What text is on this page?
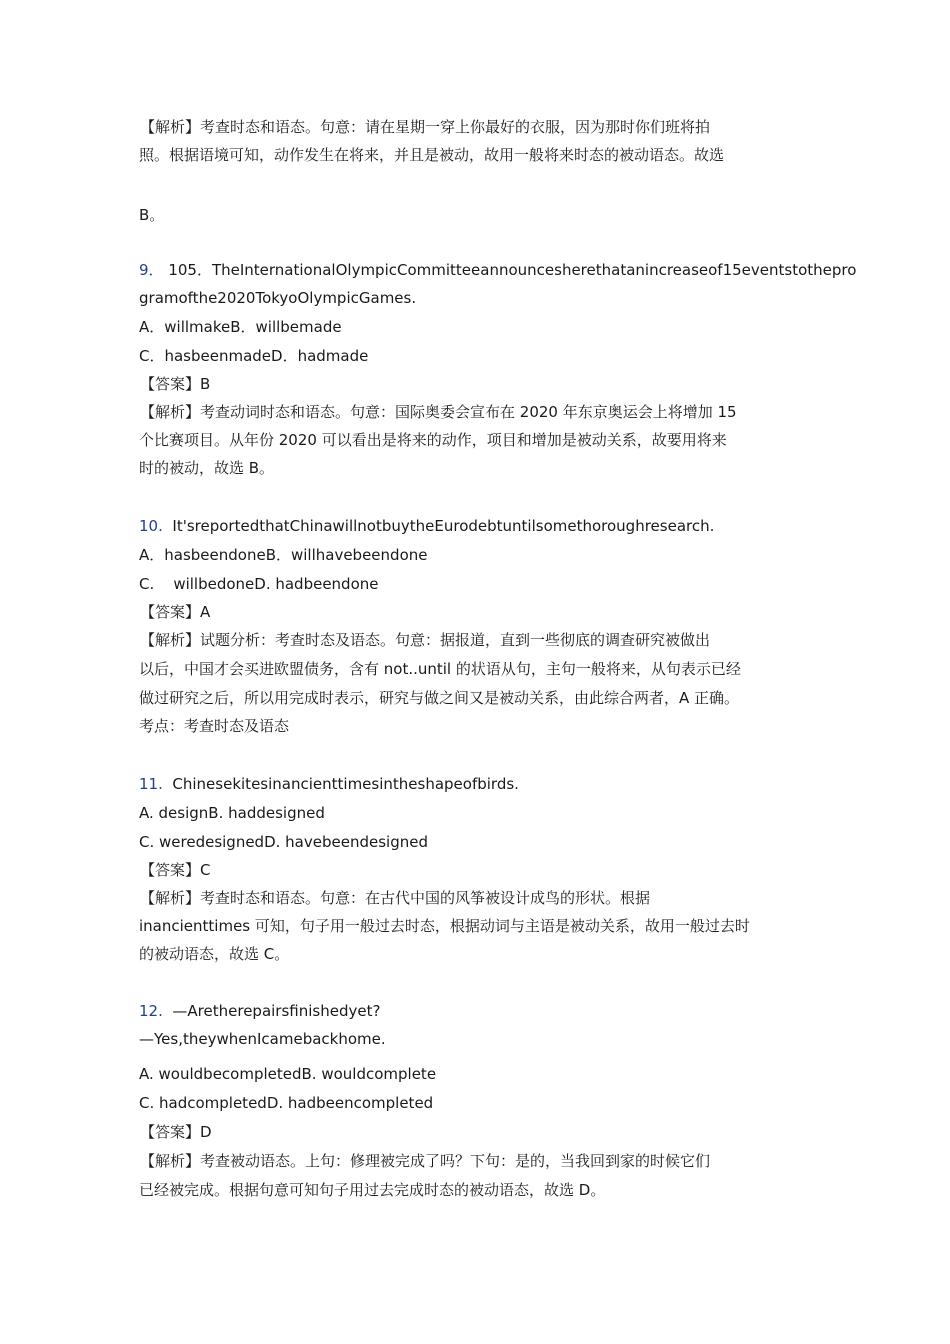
【解析】考查时态和语态。句意：请在星期一穿上你最好的衣服，因为那时你们班将拍
照。根据语境可知，动作发生在将来，并且是被动，故用一般将来时态的被动语态。故选
B。
9． 105．TheInternationalOlympicCommitteeannouncesherethatanincreaseof15eventstothepro
gramofthe2020TokyoOlympicGames.
A．willmakeB．willbemade
C．hasbeenmadeD．hadmade
【答案】B
【解析】考查动词时态和语态。句意：国际奥委会宣布在 2020 年东京奥运会上将增加 15
个比赛项目。从年份 2020 可以看出是将来的动作，项目和增加是被动关系，故要用将来
时的被动，故选 B。
10. It'sreportedthatChinawillnotbuytheEurodebtuntilsomethoroughresearch.
A．hasbeendoneB．willhavebeendone
C.    willbedoneD. hadbeendone
【答案】A
【解析】试题分析：考查时态及语态。句意：据报道，直到一些彻底的调查研究被做出
以后，中国才会买进欧盟债务，含有 not..until 的状语从句，主句一般将来，从句表示已经
做过研究之后，所以用完成时表示，研究与做之间又是被动关系，由此综合两者，A 正确。
考点：考查时态及语态
11. Chinesekitesinancienttimesintheshapeofbirds.
A. designB. haddesigned
C. weredesignedD. havebeendesigned
【答案】C
【解析】考查时态和语态。句意：在古代中国的风筝被设计成鸟的形状。根据
inancienttimes 可知，句子用一般过去时态，根据动词与主语是被动关系，故用一般过去时
的被动语态，故选 C。
12. —Aretherepairsfinishedyet?
—Yes,theywhenIcamebackhome.
A. wouldbecompletedB. wouldcomplete
C. hadcompletedD. hadbeencompleted
【答案】D
【解析】考查被动语态。上句：修理被完成了吗？下句：是的，当我回到家的时候它们
已经被完成。根据句意可知句子用过去完成时态的被动语态，故选 D。
